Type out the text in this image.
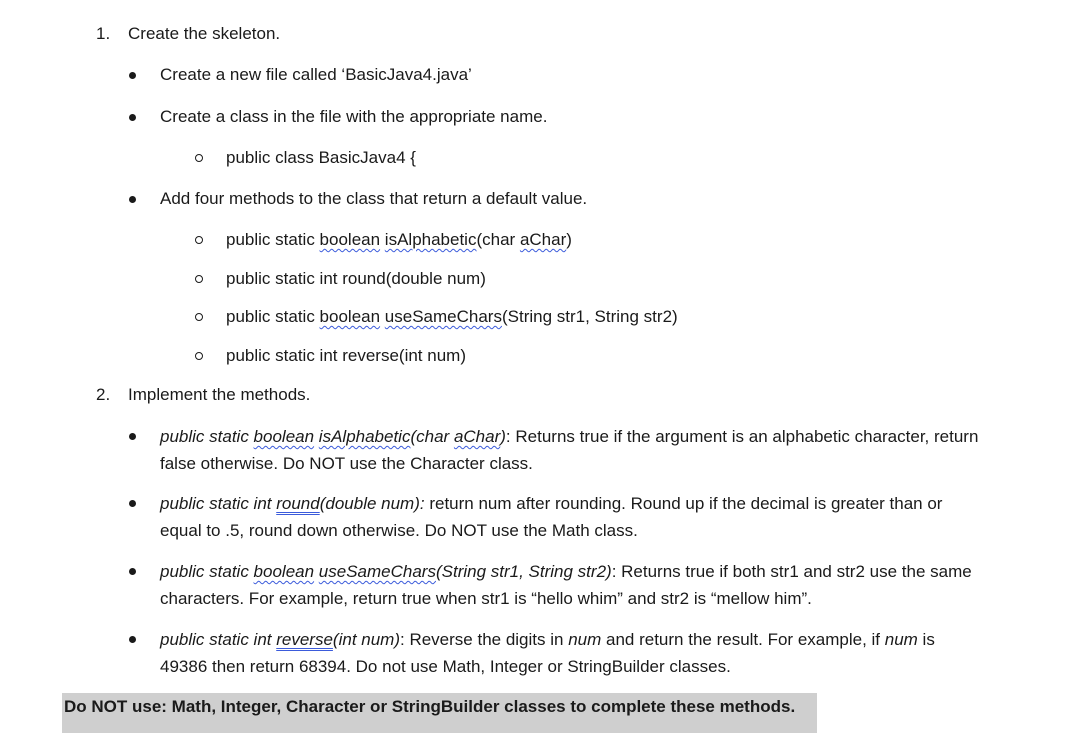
1. Create the skeleton.
Create a new file called ‘BasicJava4.java’
Create a class in the file with the appropriate name.
public class BasicJava4 {
Add four methods to the class that return a default value.
public static boolean isAlphabetic(char aChar)
public static int round(double num)
public static boolean useSameChars(String str1, String str2)
public static int reverse(int num)
2. Implement the methods.
public static boolean isAlphabetic(char aChar): Returns true if the argument is an alphabetic character, return false otherwise. Do NOT use the Character class.
public static int round(double num): return num after rounding. Round up if the decimal is greater than or equal to .5, round down otherwise. Do NOT use the Math class.
public static boolean useSameChars(String str1, String str2): Returns true if both str1 and str2 use the same characters. For example, return true when str1 is “hello whim” and str2 is “mellow him”.
public static int reverse(int num): Reverse the digits in num and return the result. For example, if num is 49386 then return 68394. Do not use Math, Integer or StringBuilder classes.
Do NOT use: Math, Integer, Character or StringBuilder classes to complete these methods.
